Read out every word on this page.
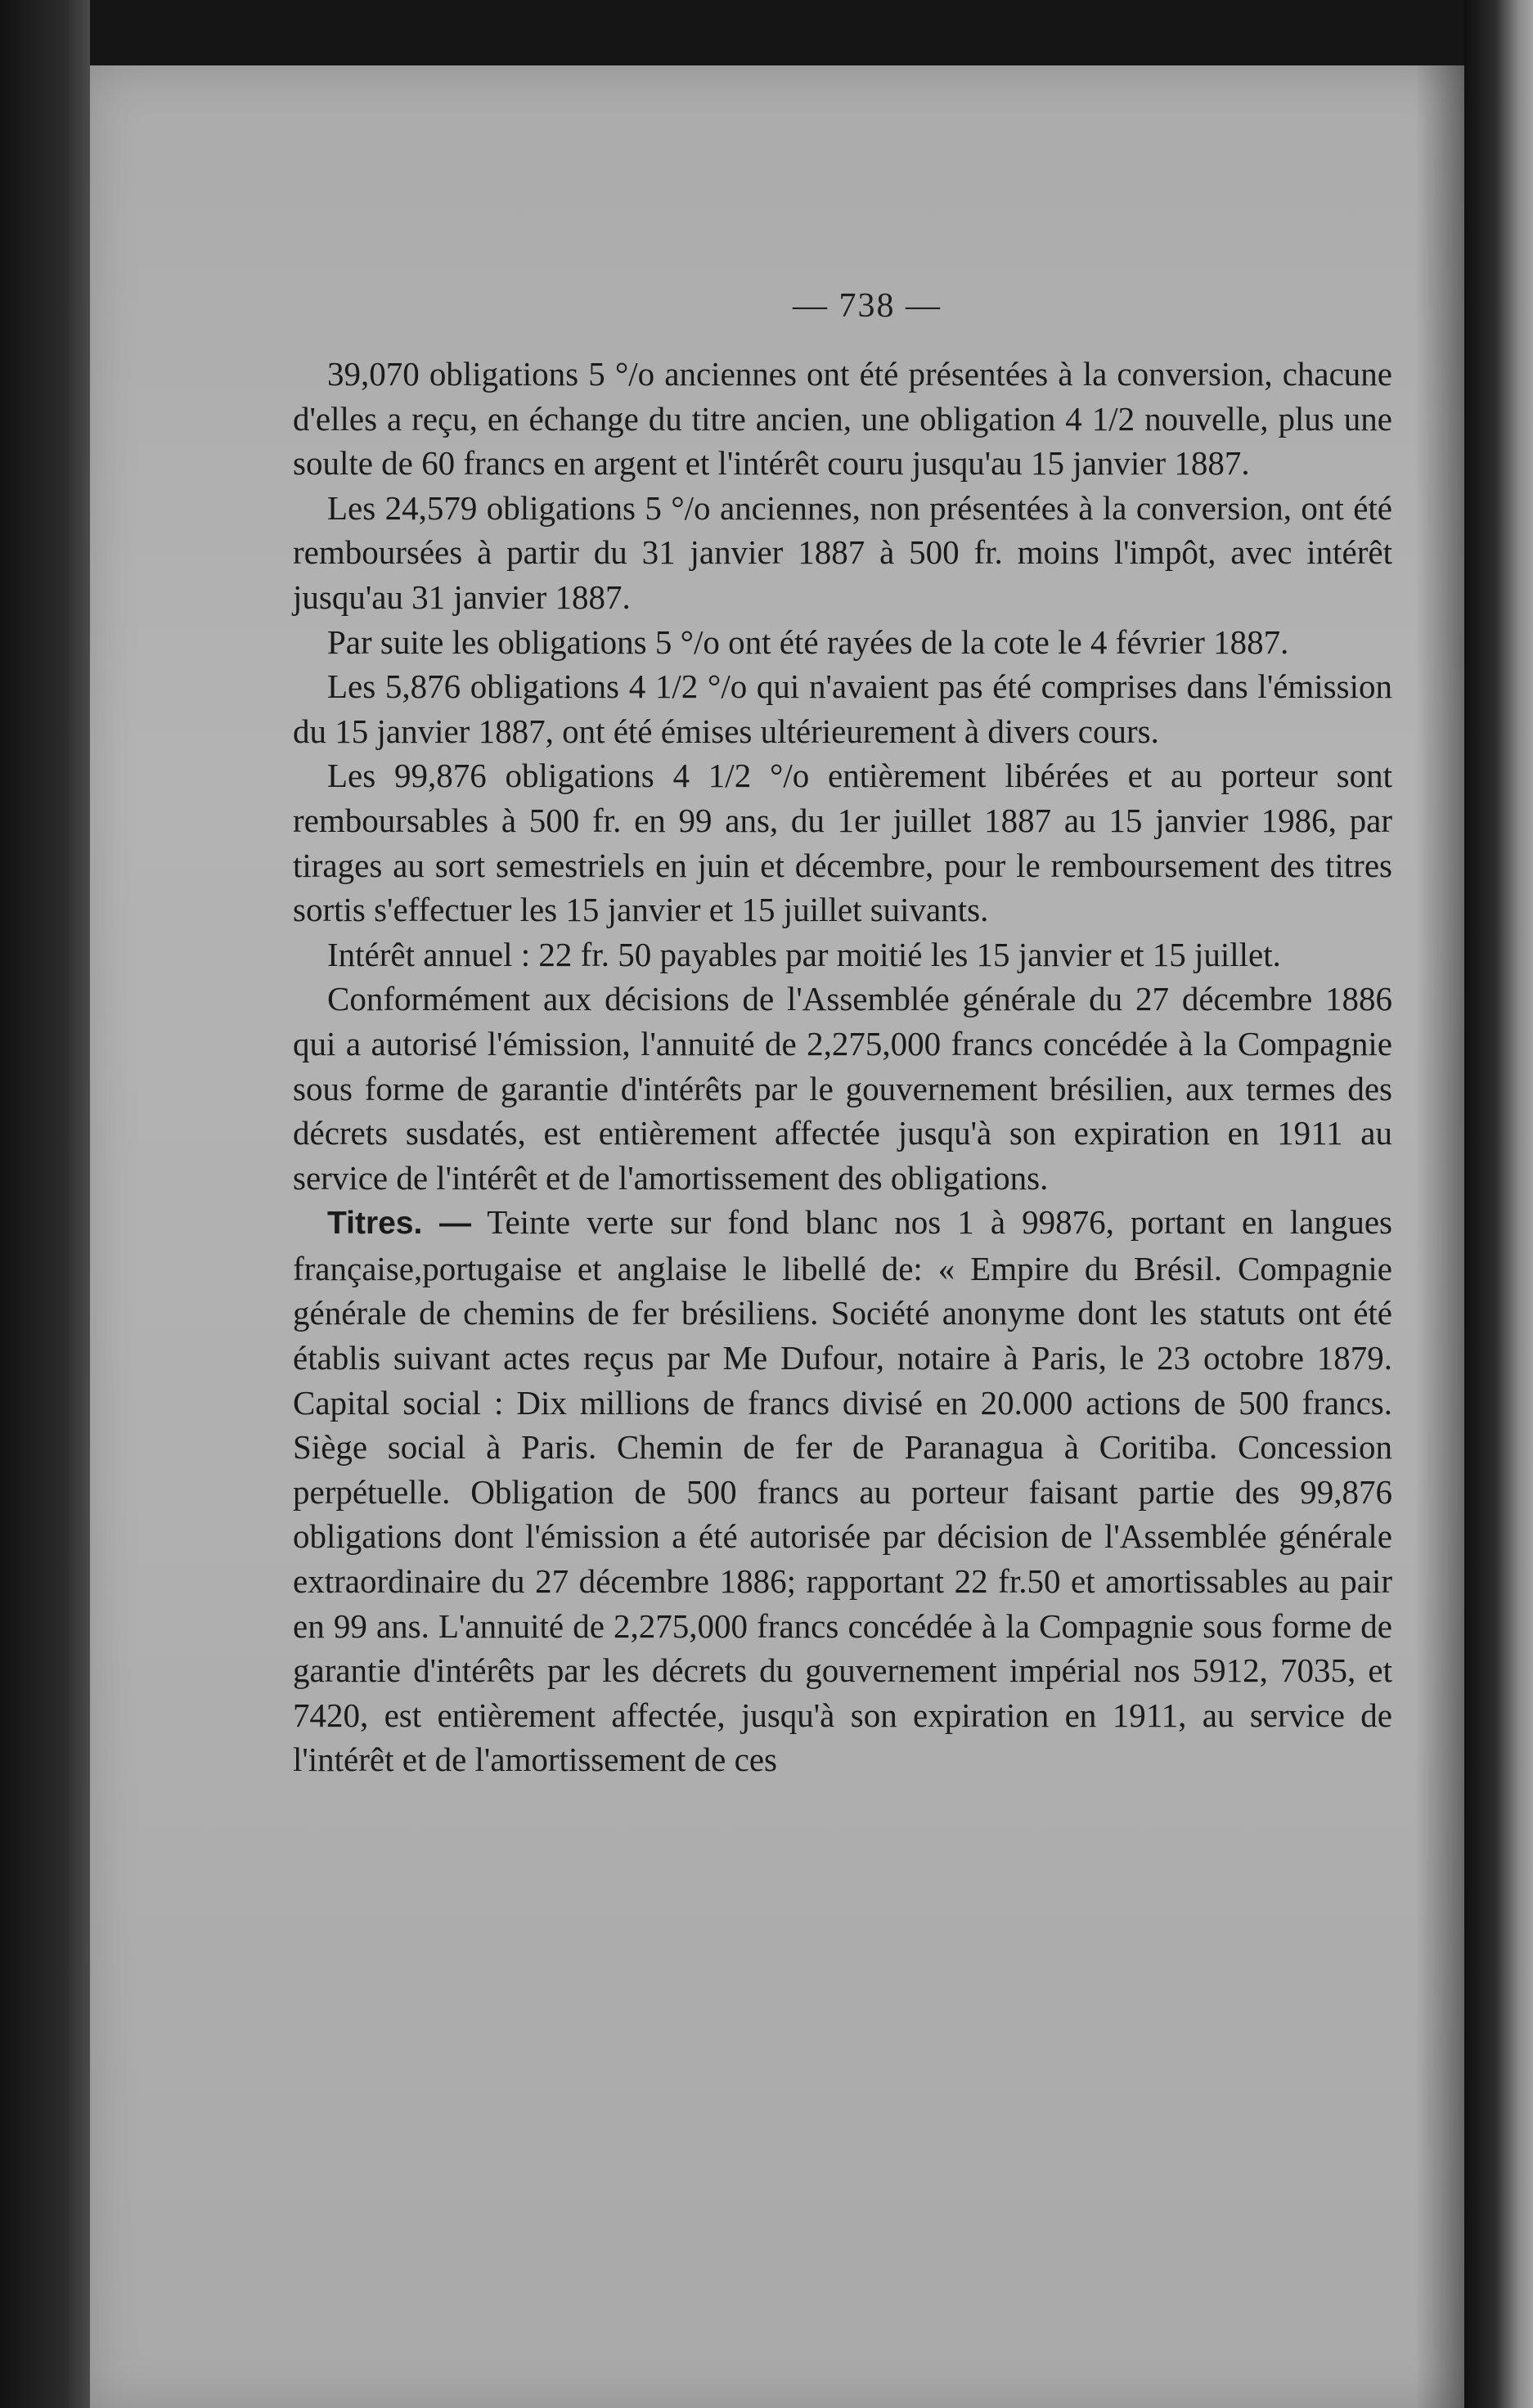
— 738 —

39,070 obligations 5 °/o anciennes ont été présentées à la conversion, chacune d'elles a reçu, en échange du titre ancien, une obligation 4 1/2 nouvelle, plus une soulte de 60 francs en argent et l'intérêt couru jusqu'au 15 janvier 1887.

Les 24,579 obligations 5 °/o anciennes, non présentées à la conversion, ont été remboursées à partir du 31 janvier 1887 à 500 fr. moins l'impôt, avec intérêt jusqu'au 31 janvier 1887.

Par suite les obligations 5 °/o ont été rayées de la cote le 4 février 1887.

Les 5,876 obligations 4 1/2 °/o qui n'avaient pas été comprises dans l'émission du 15 janvier 1887, ont été émises ultérieurement à divers cours.

Les 99,876 obligations 4 1/2 °/o entièrement libérées et au porteur sont remboursables à 500 fr. en 99 ans, du 1er juillet 1887 au 15 janvier 1986, par tirages au sort semestriels en juin et décembre, pour le remboursement des titres sortis s'effectuer les 15 janvier et 15 juillet suivants.

Intérêt annuel : 22 fr. 50 payables par moitié les 15 janvier et 15 juillet.

Conformément aux décisions de l'Assemblée générale du 27 décembre 1886 qui a autorisé l'émission, l'annuité de 2,275,000 francs concédée à la Compagnie sous forme de garantie d'intérêts par le gouvernement brésilien, aux termes des décrets susdatés, est entièrement affectée jusqu'à son expiration en 1911 au service de l'intérêt et de l'amortissement des obligations.

Titres. — Teinte verte sur fond blanc nos 1 à 99876, portant en langues française,portugaise et anglaise le libellé de: « Empire du Brésil. Compagnie générale de chemins de fer brésiliens. Société anonyme dont les statuts ont été établis suivant actes reçus par Me Dufour, notaire à Paris, le 23 octobre 1879. Capital social : Dix millions de francs divisé en 20.000 actions de 500 francs. Siège social à Paris. Chemin de fer de Paranagua à Coritiba. Concession perpétuelle. Obligation de 500 francs au porteur faisant partie des 99,876 obligations dont l'émission a été autorisée par décision de l'Assemblée générale extraordinaire du 27 décembre 1886; rapportant 22 fr.50 et amortissables au pair en 99 ans. L'annuité de 2,275,000 francs concédée à la Compagnie sous forme de garantie d'intérêts par les décrets du gouvernement impérial nos 5912, 7035, et 7420, est entièrement affectée, jusqu'à son expiration en 1911, au service de l'intérêt et de l'amortissement de ces
